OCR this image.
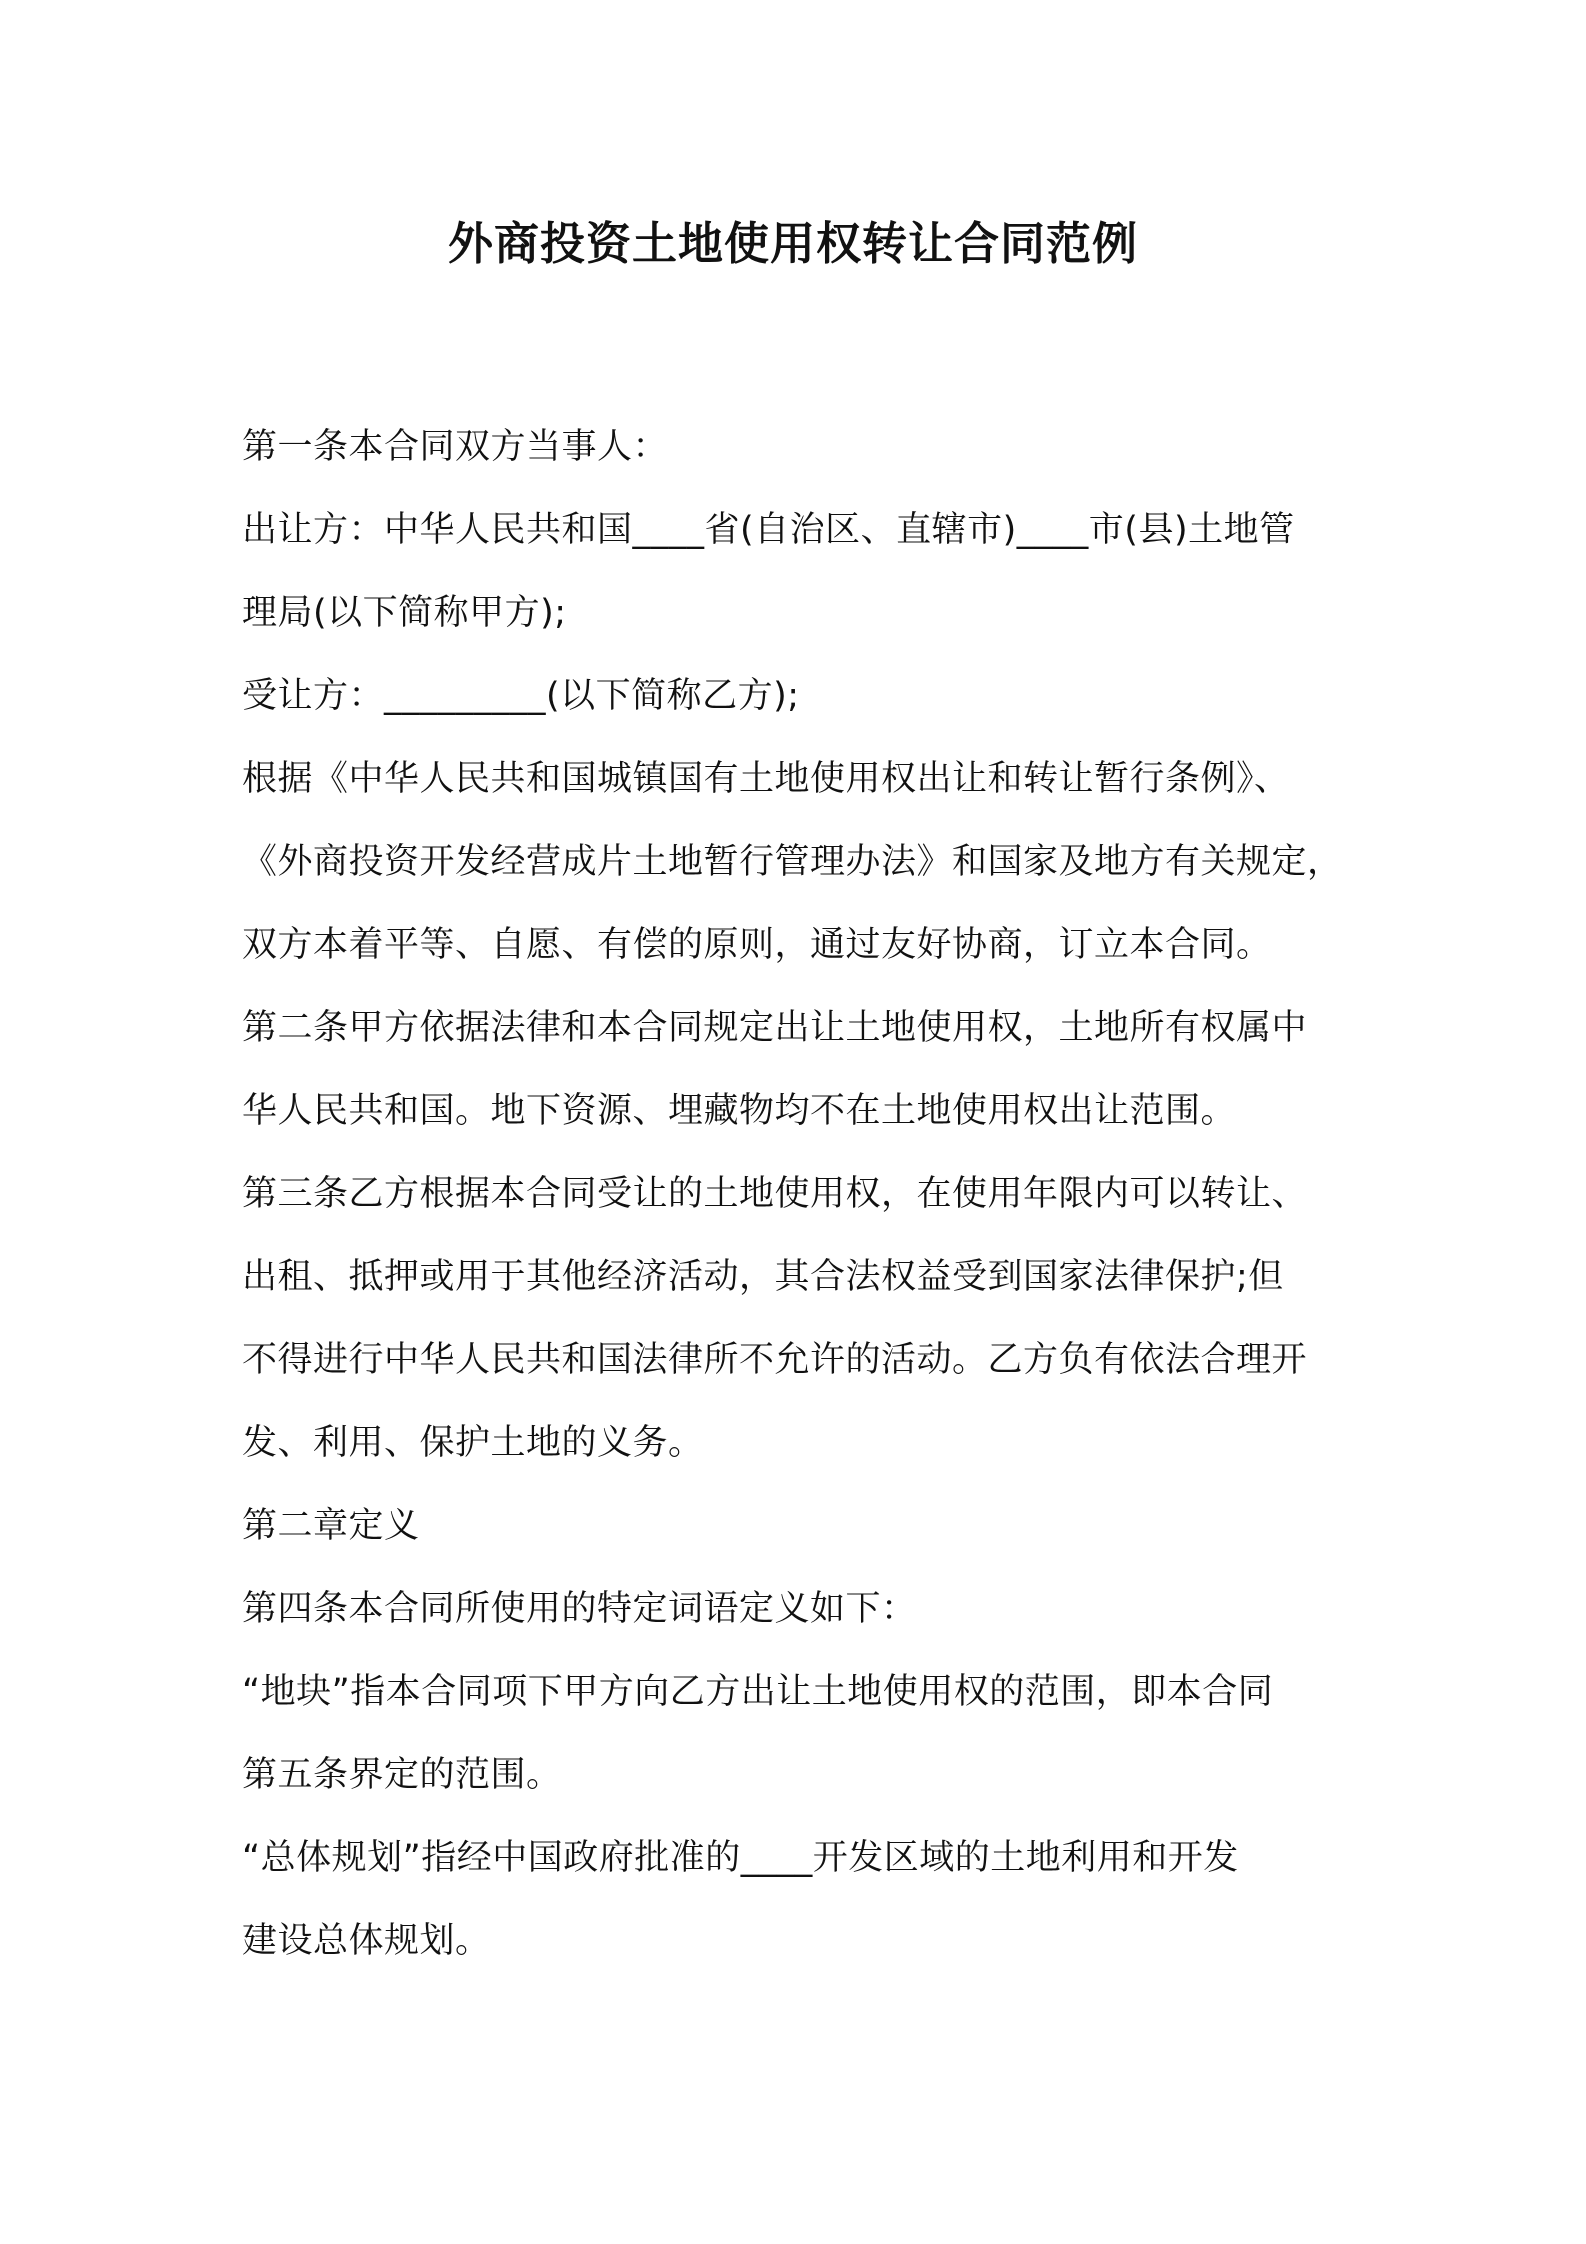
外商投资土地使用权转让合同范例

第一条本合同双方当事人：

出让方：中华人民共和国____省(自治区、直辖市)____市(县)土地管

理局(以下简称甲方);

受让方：_________(以下简称乙方);

根据《中华人民共和国城镇国有土地使用权出让和转让暂行条例》、

《外商投资开发经营成片土地暂行管理办法》和国家及地方有关规定，

双方本着平等、自愿、有偿的原则，通过友好协商，订立本合同。

第二条甲方依据法律和本合同规定出让土地使用权，土地所有权属中

华人民共和国。地下资源、埋藏物均不在土地使用权出让范围。

第三条乙方根据本合同受让的土地使用权，在使用年限内可以转让、

出租、抵押或用于其他经济活动，其合法权益受到国家法律保护;但

不得进行中华人民共和国法律所不允许的活动。乙方负有依法合理开

发、利用、保护土地的义务。

第二章定义

第四条本合同所使用的特定词语定义如下：

“地块”指本合同项下甲方向乙方出让土地使用权的范围，即本合同

第五条界定的范围。

“总体规划”指经中国政府批准的____开发区域的土地利用和开发

建设总体规划。
